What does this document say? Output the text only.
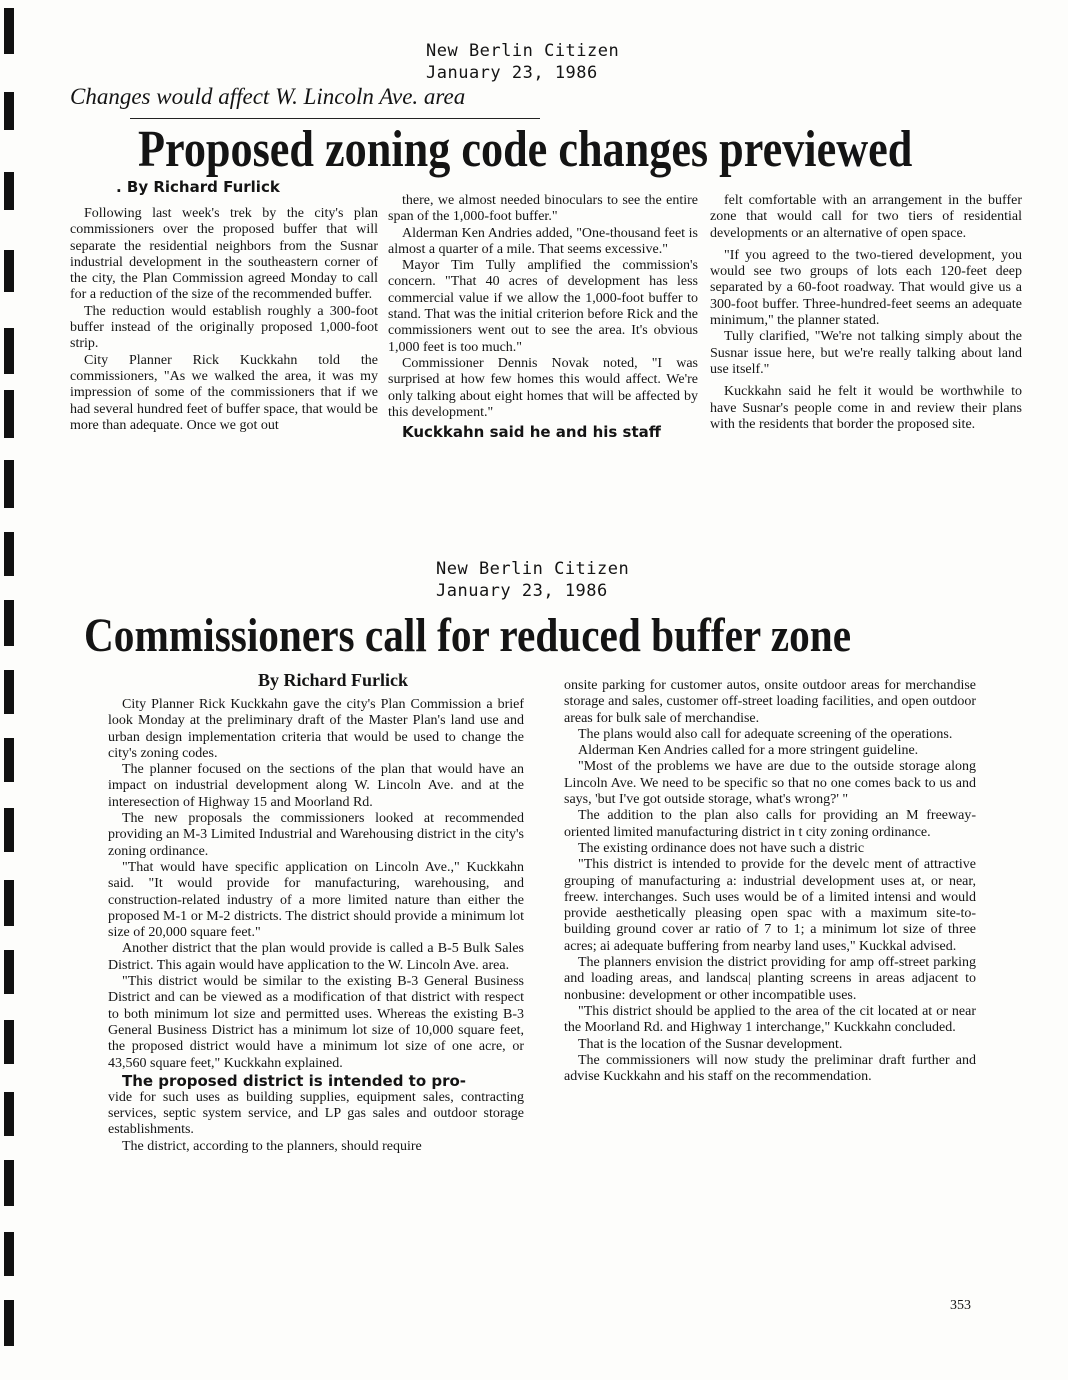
New Berlin Citizen
January 23, 1986
Changes would affect W. Lincoln Ave. area
Proposed zoning code changes previewed
. By Richard Furlick

Following last week's trek by the city's plan commissioners over the proposed buffer that will separate the residential neighbors from the Susnar industrial development in the southeastern corner of the city, the Plan Commission agreed Monday to call for a reduction of the size of the recommended buffer.

The reduction would establish roughly a 300-foot buffer instead of the originally proposed 1,000-foot strip.

City Planner Rick Kuckkahn told the commissioners, "As we walked the area, it was my impression of some of the commissioners that if we had several hundred feet of buffer space, that would be more than adequate. Once we got out

there, we almost needed binoculars to see the entire span of the 1,000-foot buffer."

Alderman Ken Andries added, "One-thousand feet is almost a quarter of a mile. That seems excessive."

Mayor Tim Tully amplified the commission's concern. "That 40 acres of development has less commercial value if we allow the 1,000-foot buffer to stand. That was the initial criterion before Rick and the commissioners went out to see the area. It's obvious 1,000 feet is too much."

Commissioner Dennis Novak noted, "I was surprised at how few homes this would affect. We're only talking about eight homes that will be affected by this development."

Kuckkahn said he and his staff

felt comfortable with an arrangement in the buffer zone that would call for two tiers of residential developments or an alternative of open space.

"If you agreed to the two-tiered development, you would see two groups of lots each 120-feet deep separated by a 60-foot roadway. That would give us a 300-foot buffer. Three-hundred-feet seems an adequate minimum," the planner stated.

Tully clarified, "We're not talking simply about the Susnar issue here, but we're really talking about land use itself."

Kuckkahn said he felt it would be worthwhile to have Susnar's people come in and review their plans with the residents that border the proposed site.

New Berlin Citizen
January 23, 1986
Commissioners call for reduced buffer zone
By Richard Furlick

City Planner Rick Kuckkahn gave the city's Plan Commission a brief look Monday at the preliminary draft of the Master Plan's land use and urban design implementation criteria that would be used to change the city's zoning codes.

The planner focused on the sections of the plan that would have an impact on industrial development along W. Lincoln Ave. and at the interesection of Highway 15 and Moorland Rd.

The new proposals the commissioners looked at recommended providing an M-3 Limited Industrial and Warehousing district in the city's zoning ordinance.

"That would have specific application on Lincoln Ave.," Kuckkahn said. "It would provide for manufacturing, warehousing, and construction-related industry of a more limited nature than either the proposed M-1 or M-2 districts. The district should provide a minimum lot size of 20,000 square feet."

Another district that the plan would provide is called a B-5 Bulk Sales District. This again would have application to the W. Lincoln Ave. area.

"This district would be similar to the existing B-3 General Business District and can be viewed as a modification of that district with respect to both minimum lot size and permitted uses. Whereas the existing B-3 General Business District has a minimum lot size of 10,000 square feet, the proposed district would have a minimum lot size of one acre, or 43,560 square feet," Kuckkahn explained.

The proposed district is intended to pro-

vide for such uses as building supplies, equipment sales, contracting services, septic system service, and LP gas sales and outdoor storage establishments.

The district, according to the planners, should require

onsite parking for customer autos, onsite outdoor areas for merchandise storage and sales, customer off-street loading facilities, and open outdoor areas for bulk sale of merchandise.

The plans would also call for adequate screening of the operations.

Alderman Ken Andries called for a more stringent guideline.

"Most of the problems we have are due to the outside storage along Lincoln Ave. We need to be specific so that no one comes back to us and says, 'but I've got outside storage, what's wrong?' "

The addition to the plan also calls for providing an M freeway-oriented limited manufacturing district in t city zoning ordinance.

The existing ordinance does not have such a distric

"This district is intended to provide for the develc ment of attractive grouping of manufacturing a: industrial development uses at, or near, freew. interchanges. Such uses would be of a limited intensi and would provide aesthetically pleasing open spac with a maximum site-to-building ground cover ar ratio of 7 to 1; a minimum lot size of three acres; ai adequate buffering from nearby land uses," Kuckkal advised.

The planners envision the district providing for amp off-street parking and loading areas, and landsca| planting screens in areas adjacent to nonbusine: development or other incompatible uses.

"This district should be applied to the area of the cit located at or near the Moorland Rd. and Highway 1 interchange," Kuckkahn concluded.

That is the location of the Susnar development.

The commissioners will now study the preliminar draft further and advise Kuckkahn and his staff on the recommendation.

353
